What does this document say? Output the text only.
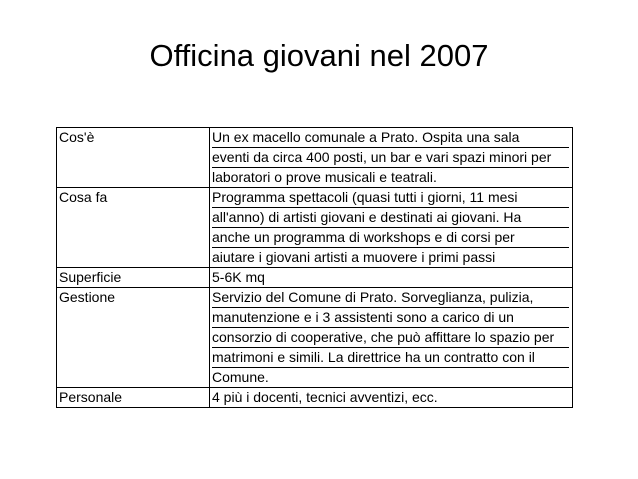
Officina giovani nel 2007
Cos'è	Un ex macello comunale a Prato. Ospita una sala
eventi da circa 400 posti, un bar e vari spazi minori per
laboratori o prove musicali e teatrali.

Cosa fa	Programma spettacoli (quasi tutti i giorni, 11 mesi
all'anno) di artisti giovani e destinati ai giovani. Ha
anche un programma di workshops e di corsi per
aiutare i giovani artisti a muovere i primi passi

Superficie	5-6K mq

Gestione	Servizio del Comune di Prato. Sorveglianza, pulizia,
manutenzione e i 3 assistenti sono a carico di un
consorzio di cooperative, che può affittare lo spazio per
matrimoni e simili. La direttrice ha un contratto con il
Comune.

Personale	4 più i docenti, tecnici avventizi, ecc.
